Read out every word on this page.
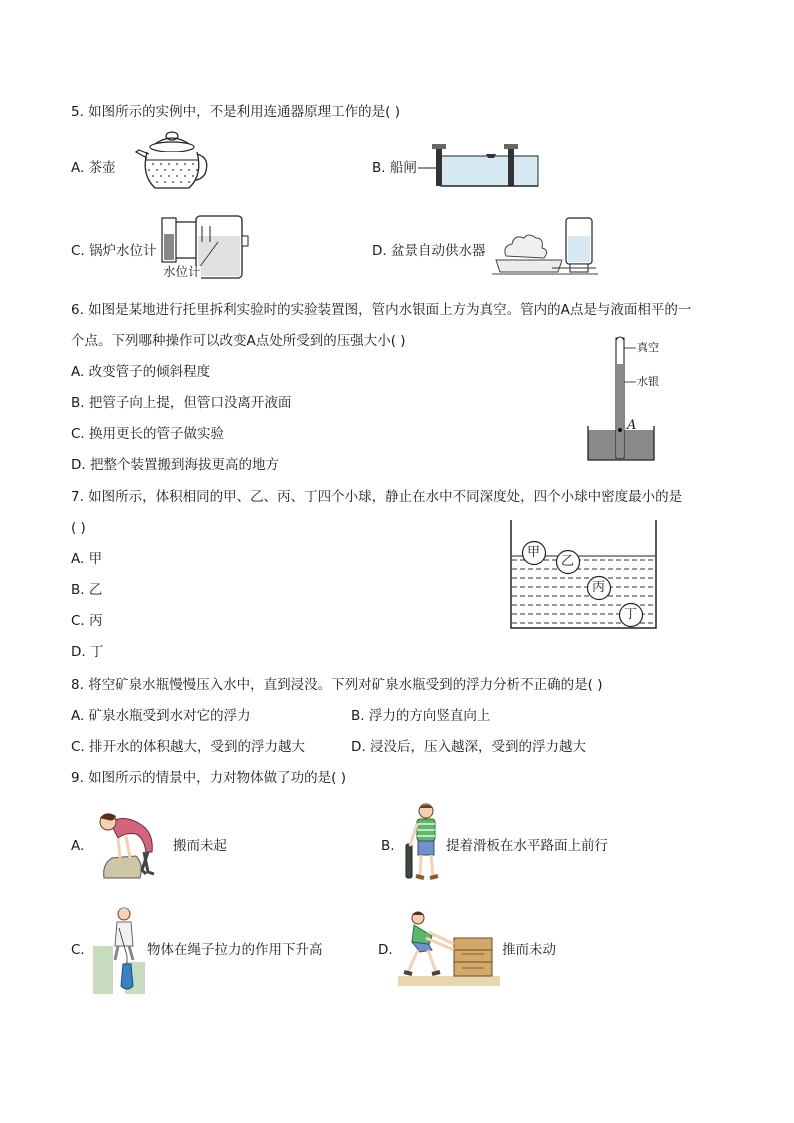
5. 如图所示的实例中，不是利用连通器原理工作的是( )
A. 茶壶	B. 船闸
C. 锅炉水位计
水位计
D. 盆景自动供水器
6. 如图是某地进行托里拆利实验时的实验装置图，管内水银面上方为真空。管内的A点是与液面相平的一
个点。下列哪种操作可以改变A点处所受到的压强大小( )
A. 改变管子的倾斜程度
B. 把管子向上提，但管口没离开液面
C. 换用更长的管子做实验
D. 把整个装置搬到海拔更高的地方
真空
水银
A
7. 如图所示，体积相同的甲、乙、丙、丁四个小球，静止在水中不同深度处，四个小球中密度最小的是
( )
A. 甲
B. 乙
C. 丙
D. 丁
甲
乙
丙
丁
8. 将空矿泉水瓶慢慢压入水中，直到浸没。下列对矿泉水瓶受到的浮力分析不正确的是( )
A. 矿泉水瓶受到水对它的浮力	B. 浮力的方向竖直向上
C. 排开水的体积越大，受到的浮力越大	D. 浸没后，压入越深，受到的浮力越大
9. 如图所示的情景中，力对物体做了功的是( )
A.	搬而未起	B.	提着滑板在水平路面上前行
C.	物体在绳子拉力的作用下升高	D.	推而未动
